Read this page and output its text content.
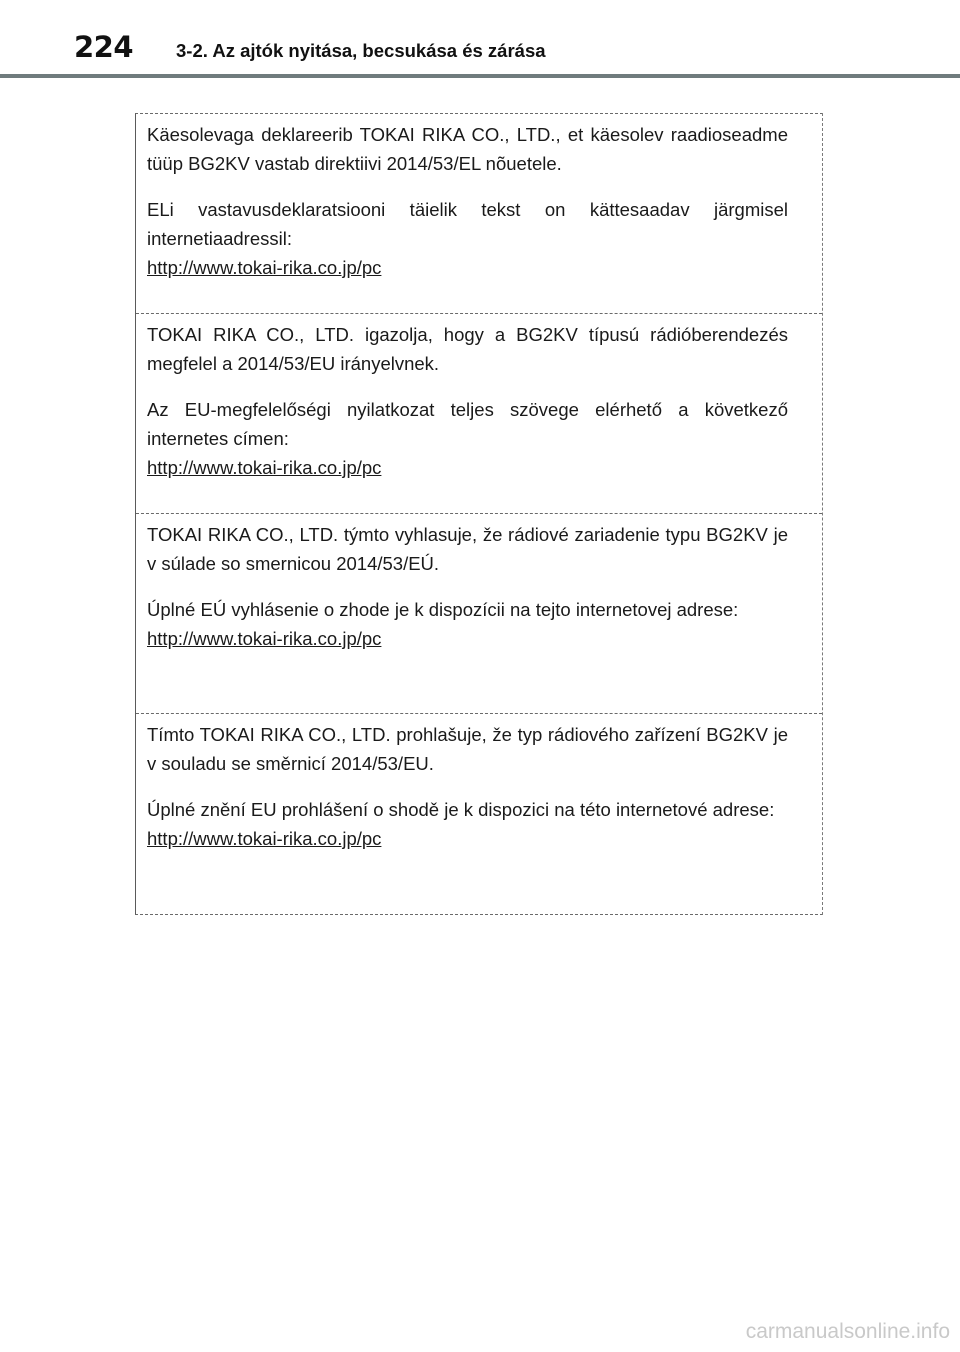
224 3-2. Az ajtók nyitása, becsukása és zárása

Käesolevaga deklareerib TOKAI RIKA CO., LTD., et käesolev raadioseadme tüüp BG2KV vastab direktiivi 2014/53/EL nõuetele.

ELi vastavusdeklaratsiooni täielik tekst on kättesaadav järgmisel internetiaadressil:
http://www.tokai-rika.co.jp/pc

TOKAI RIKA CO., LTD. igazolja, hogy a BG2KV típusú rádióberendezés megfelel a 2014/53/EU irányelvnek.

Az EU-megfelelőségi nyilatkozat teljes szövege elérhető a következő internetes címen:
http://www.tokai-rika.co.jp/pc

TOKAI RIKA CO., LTD. týmto vyhlasuje, že rádiové zariadenie typu BG2KV je v súlade so smernicou 2014/53/EÚ.

Úplné EÚ vyhlásenie o zhode je k dispozícii na tejto internetovej adrese:
http://www.tokai-rika.co.jp/pc

Tímto TOKAI RIKA CO., LTD. prohlašuje, že typ rádiového zařízení BG2KV je v souladu se směrnicí 2014/53/EU.

Úplné znění EU prohlášení o shodě je k dispozici na této internetové adrese:
http://www.tokai-rika.co.jp/pc

carmanualsonline.info
